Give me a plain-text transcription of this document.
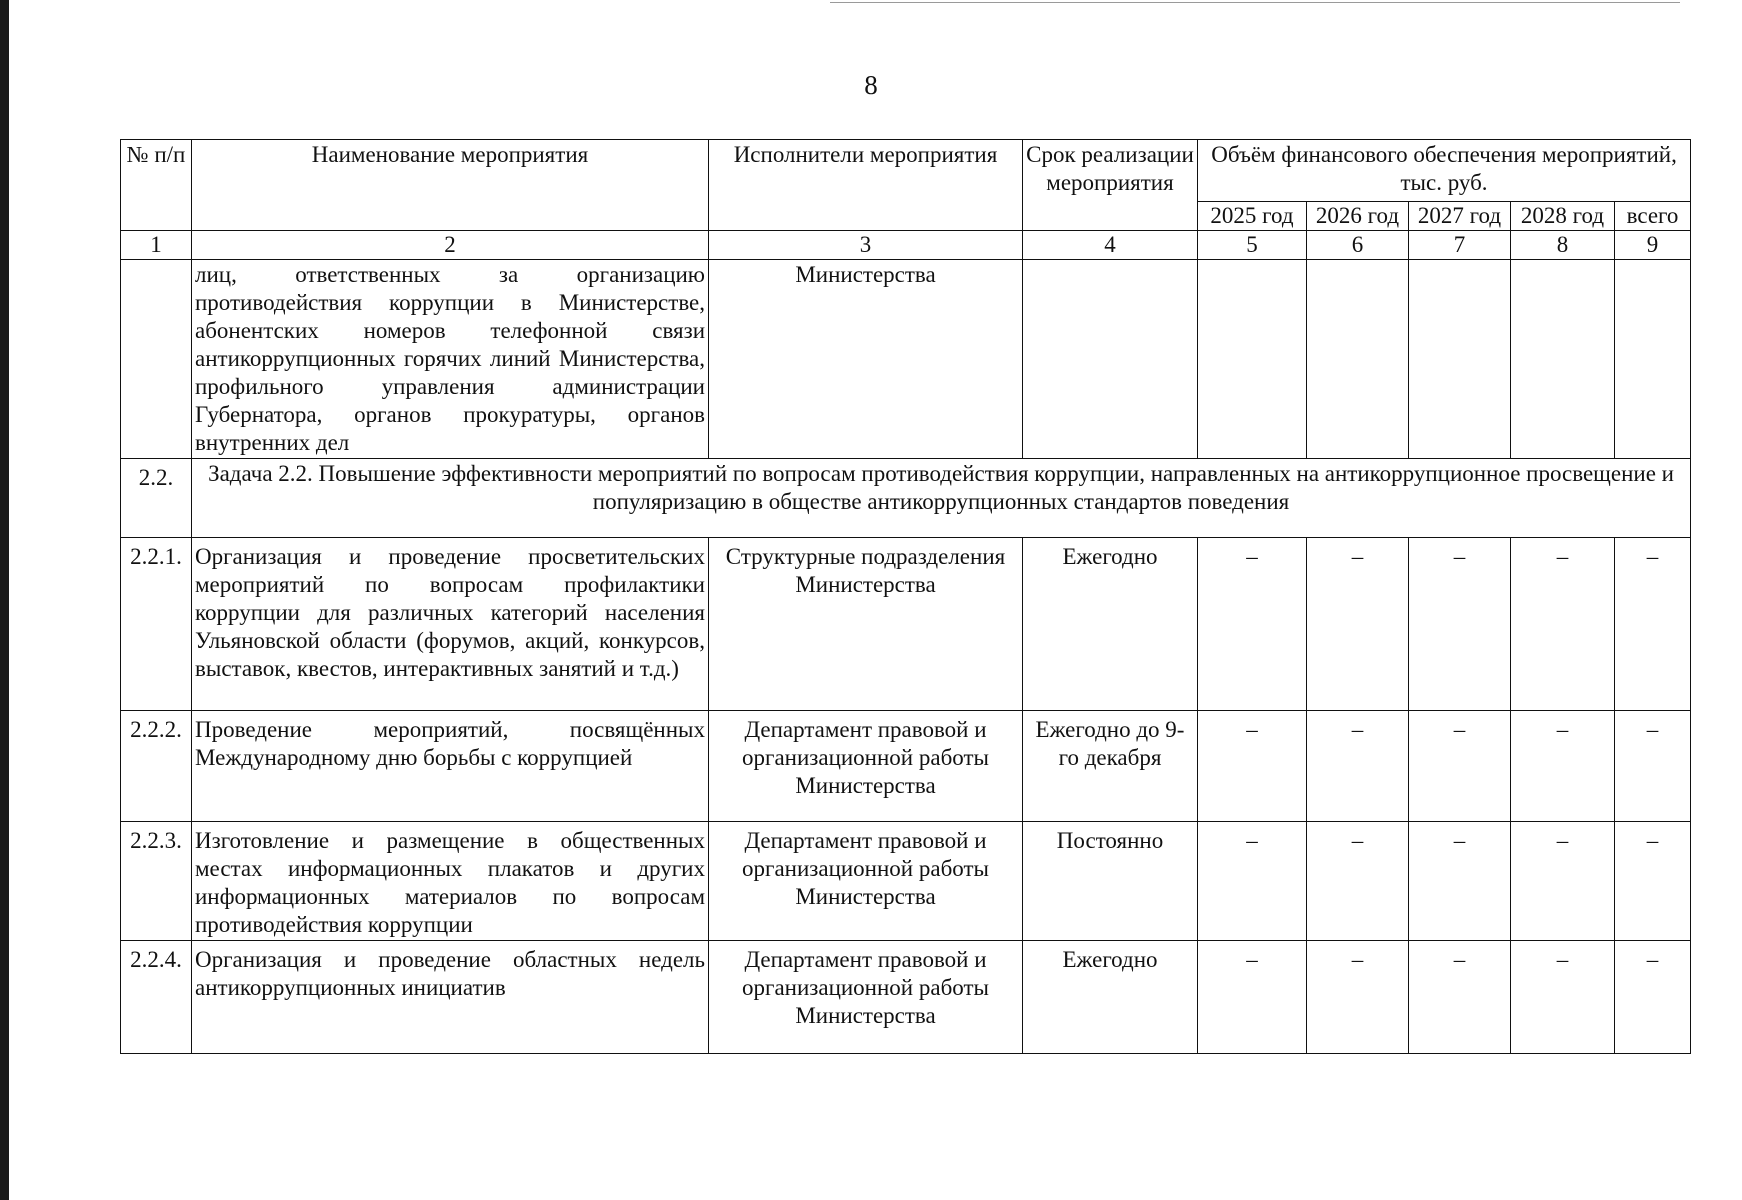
8
№ п/п	Наименование мероприятия	Исполнители мероприятия	Срок реализации мероприятия	Объём финансового обеспечения мероприятий, тыс. руб.				
				2025 год	2026 год	2027 год	2028 год	всего
1	2	3	4	5	6	7	8	9
	лиц, ответственных за организацию противодействия коррупции в Министерстве, абонентских номеров телефонной связи антикоррупционных горячих линий Министерства, профильного управления администрации Губернатора, органов прокуратуры, органов внутренних дел	Министерства						
2.2.	Задача 2.2. Повышение эффективности мероприятий по вопросам противодействия коррупции, направленных на антикоррупционное просвещение и популяризацию в обществе антикоррупционных стандартов поведения							
2.2.1.	Организация и проведение просветительских мероприятий по вопросам профилактики коррупции для различных категорий населения Ульяновской области (форумов, акций, конкурсов, выставок, квестов, интерактивных занятий и т.д.)	Структурные подразделения Министерства	Ежегодно	–	–	–	–	–
2.2.2.	Проведение мероприятий, посвящённых Международному дню борьбы с коррупцией	Департамент правовой и организационной работы Министерства	Ежегодно до 9-го декабря	–	–	–	–	–
2.2.3.	Изготовление и размещение в общественных местах информационных плакатов и других информационных материалов по вопросам противодействия коррупции	Департамент правовой и организационной работы Министерства	Постоянно	–	–	–	–	–
2.2.4.	Организация и проведение областных недель антикоррупционных инициатив	Департамент правовой и организационной работы Министерства	Ежегодно	–	–	–	–	–
